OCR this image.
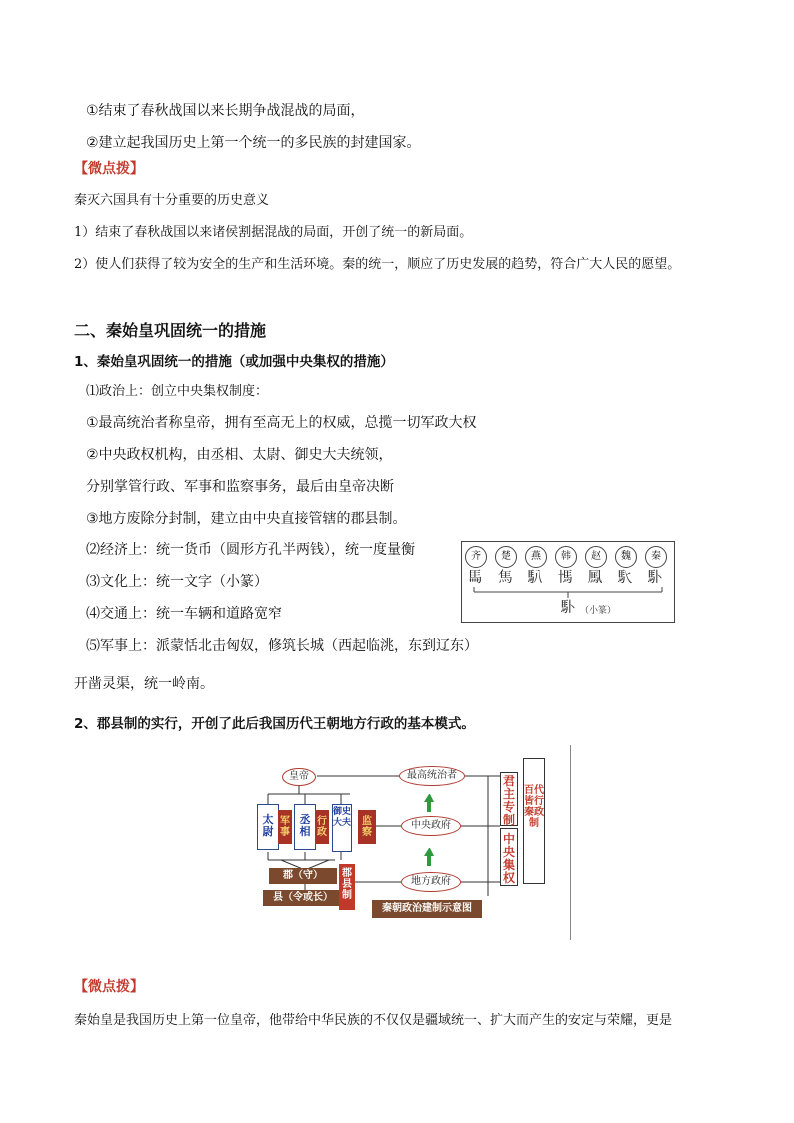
①结束了春秋战国以来长期争战混战的局面，
②建立起我国历史上第一个统一的多民族的封建国家。
【微点拨】
秦灭六国具有十分重要的历史意义
1）结束了春秋战国以来诸侯割据混战的局面，开创了统一的新局面。
2）使人们获得了较为安全的生产和生活环境。秦的统一，顺应了历史发展的趋势，符合广大人民的愿望。
二、秦始皇巩固统一的措施
1、秦始皇巩固统一的措施（或加强中央集权的措施）
⑴政治上：创立中央集权制度：
①最高统治者称皇帝，拥有至高无上的权威，总揽一切军政大权
②中央政权机构，由丞相、太尉、御史大夫统领，
分别掌管行政、军事和监察事务，最后由皇帝决断
③地方废除分封制，建立由中央直接管辖的郡县制。
⑵经济上：统一货币（圆形方孔半两钱），统一度量衡
⑶文化上：统一文字（小篆）
⑷交通上：统一车辆和道路宽窄
⑸军事上：派蒙恬北击匈奴，修筑长城（西起临洮，东到辽东）
开凿灵渠，统一岭南。
2、郡县制的实行，开创了此后我国历代王朝地方行政的基本模式。
齐	楚	燕	韩	赵	魏	秦
𩡧 𩡨 𩡩 𩡪 𩡫 𩡬 𩡭
𩡭 （小篆）
皇帝
太尉
军事
丞相
行政
御史大夫	监察
郡（守）
县（令或长）
郡县制
最高统治者
中央政府
地方政府
君主专制
中央集权
百代皆行秦政制
秦朝政治建制示意图
【微点拨】
秦始皇是我国历史上第一位皇帝，他带给中华民族的不仅仅是疆域统一、扩大而产生的安定与荣耀，更是
